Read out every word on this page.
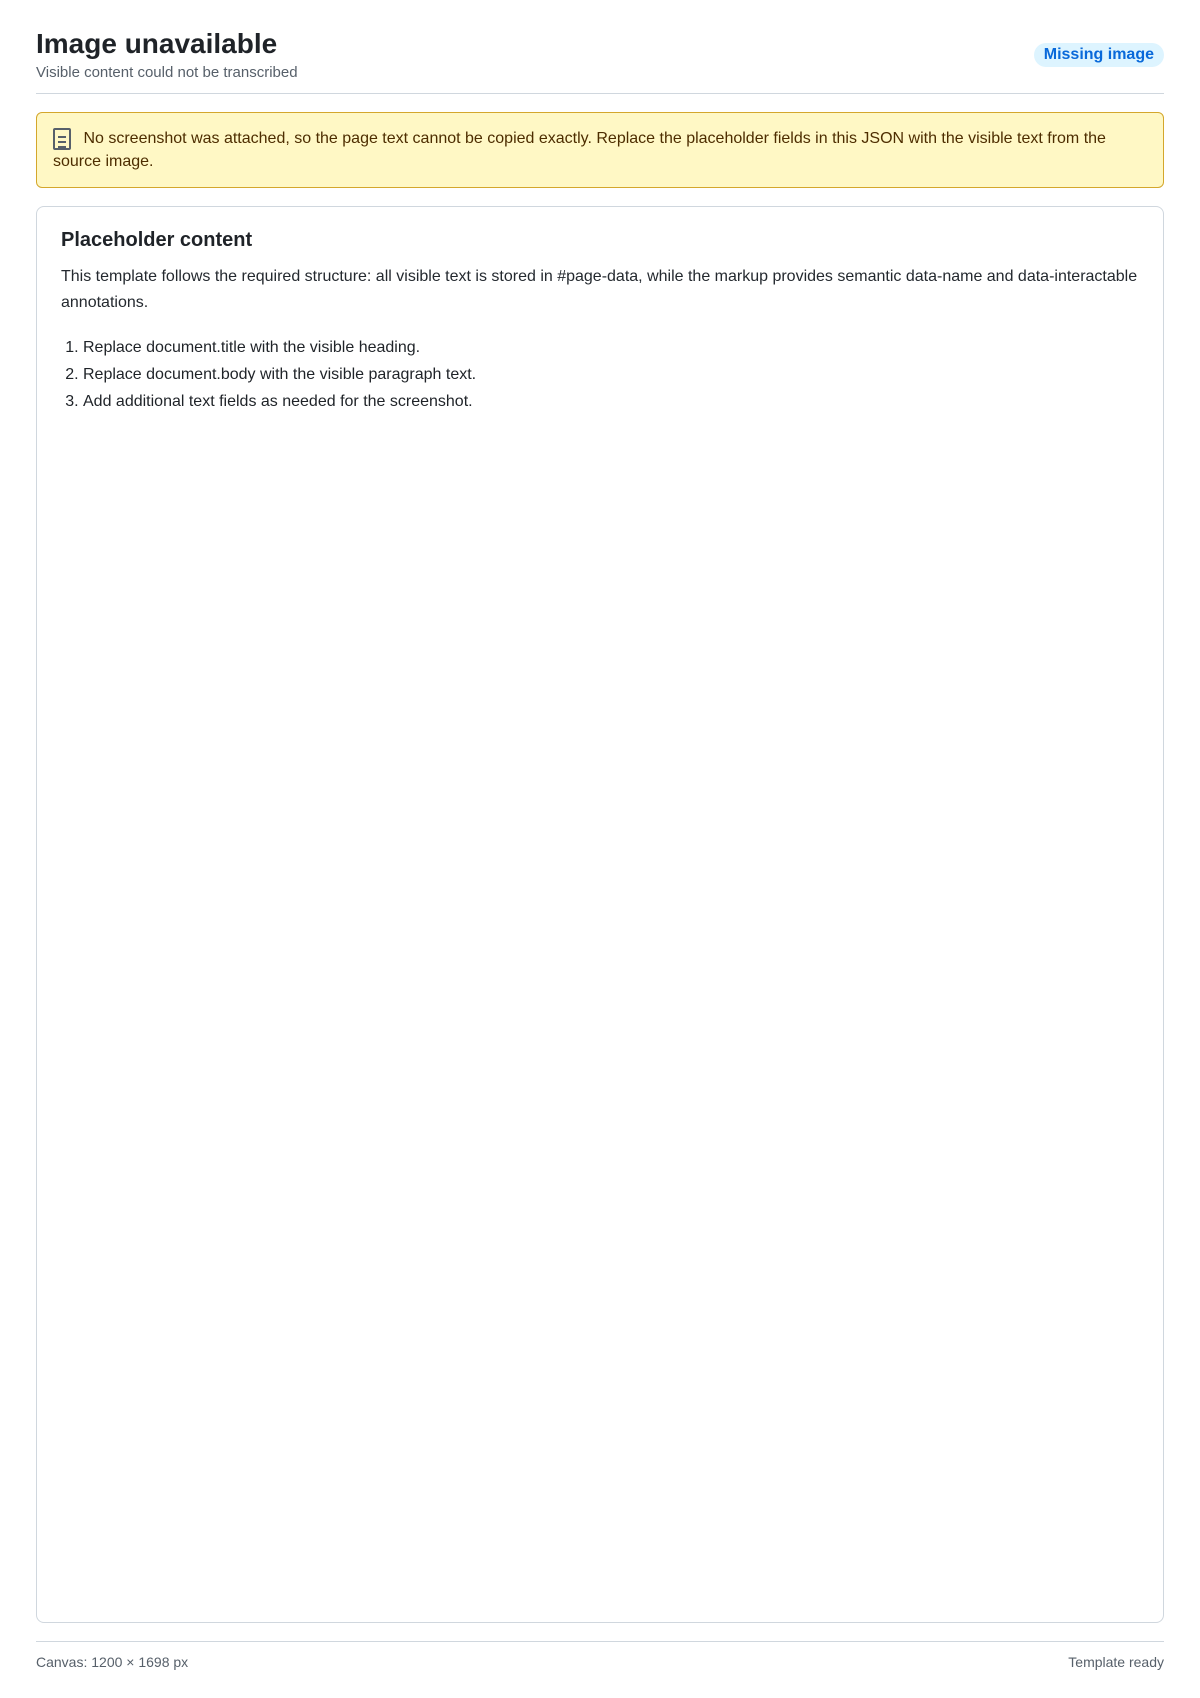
Image unavailable
Visible content could not be transcribed
Missing image
No screenshot was attached, so the page text cannot be copied exactly. Replace the placeholder fields in this JSON with the visible text from the source image.
Placeholder content

This template follows the required structure: all visible text is stored in #page-data, while the markup provides semantic data-name and data-interactable annotations.

1. Replace document.title with the visible heading.
2. Replace document.body with the visible paragraph text.
3. Add additional text fields as needed for the screenshot.
Canvas: 1200 × 1698 px	Template ready
